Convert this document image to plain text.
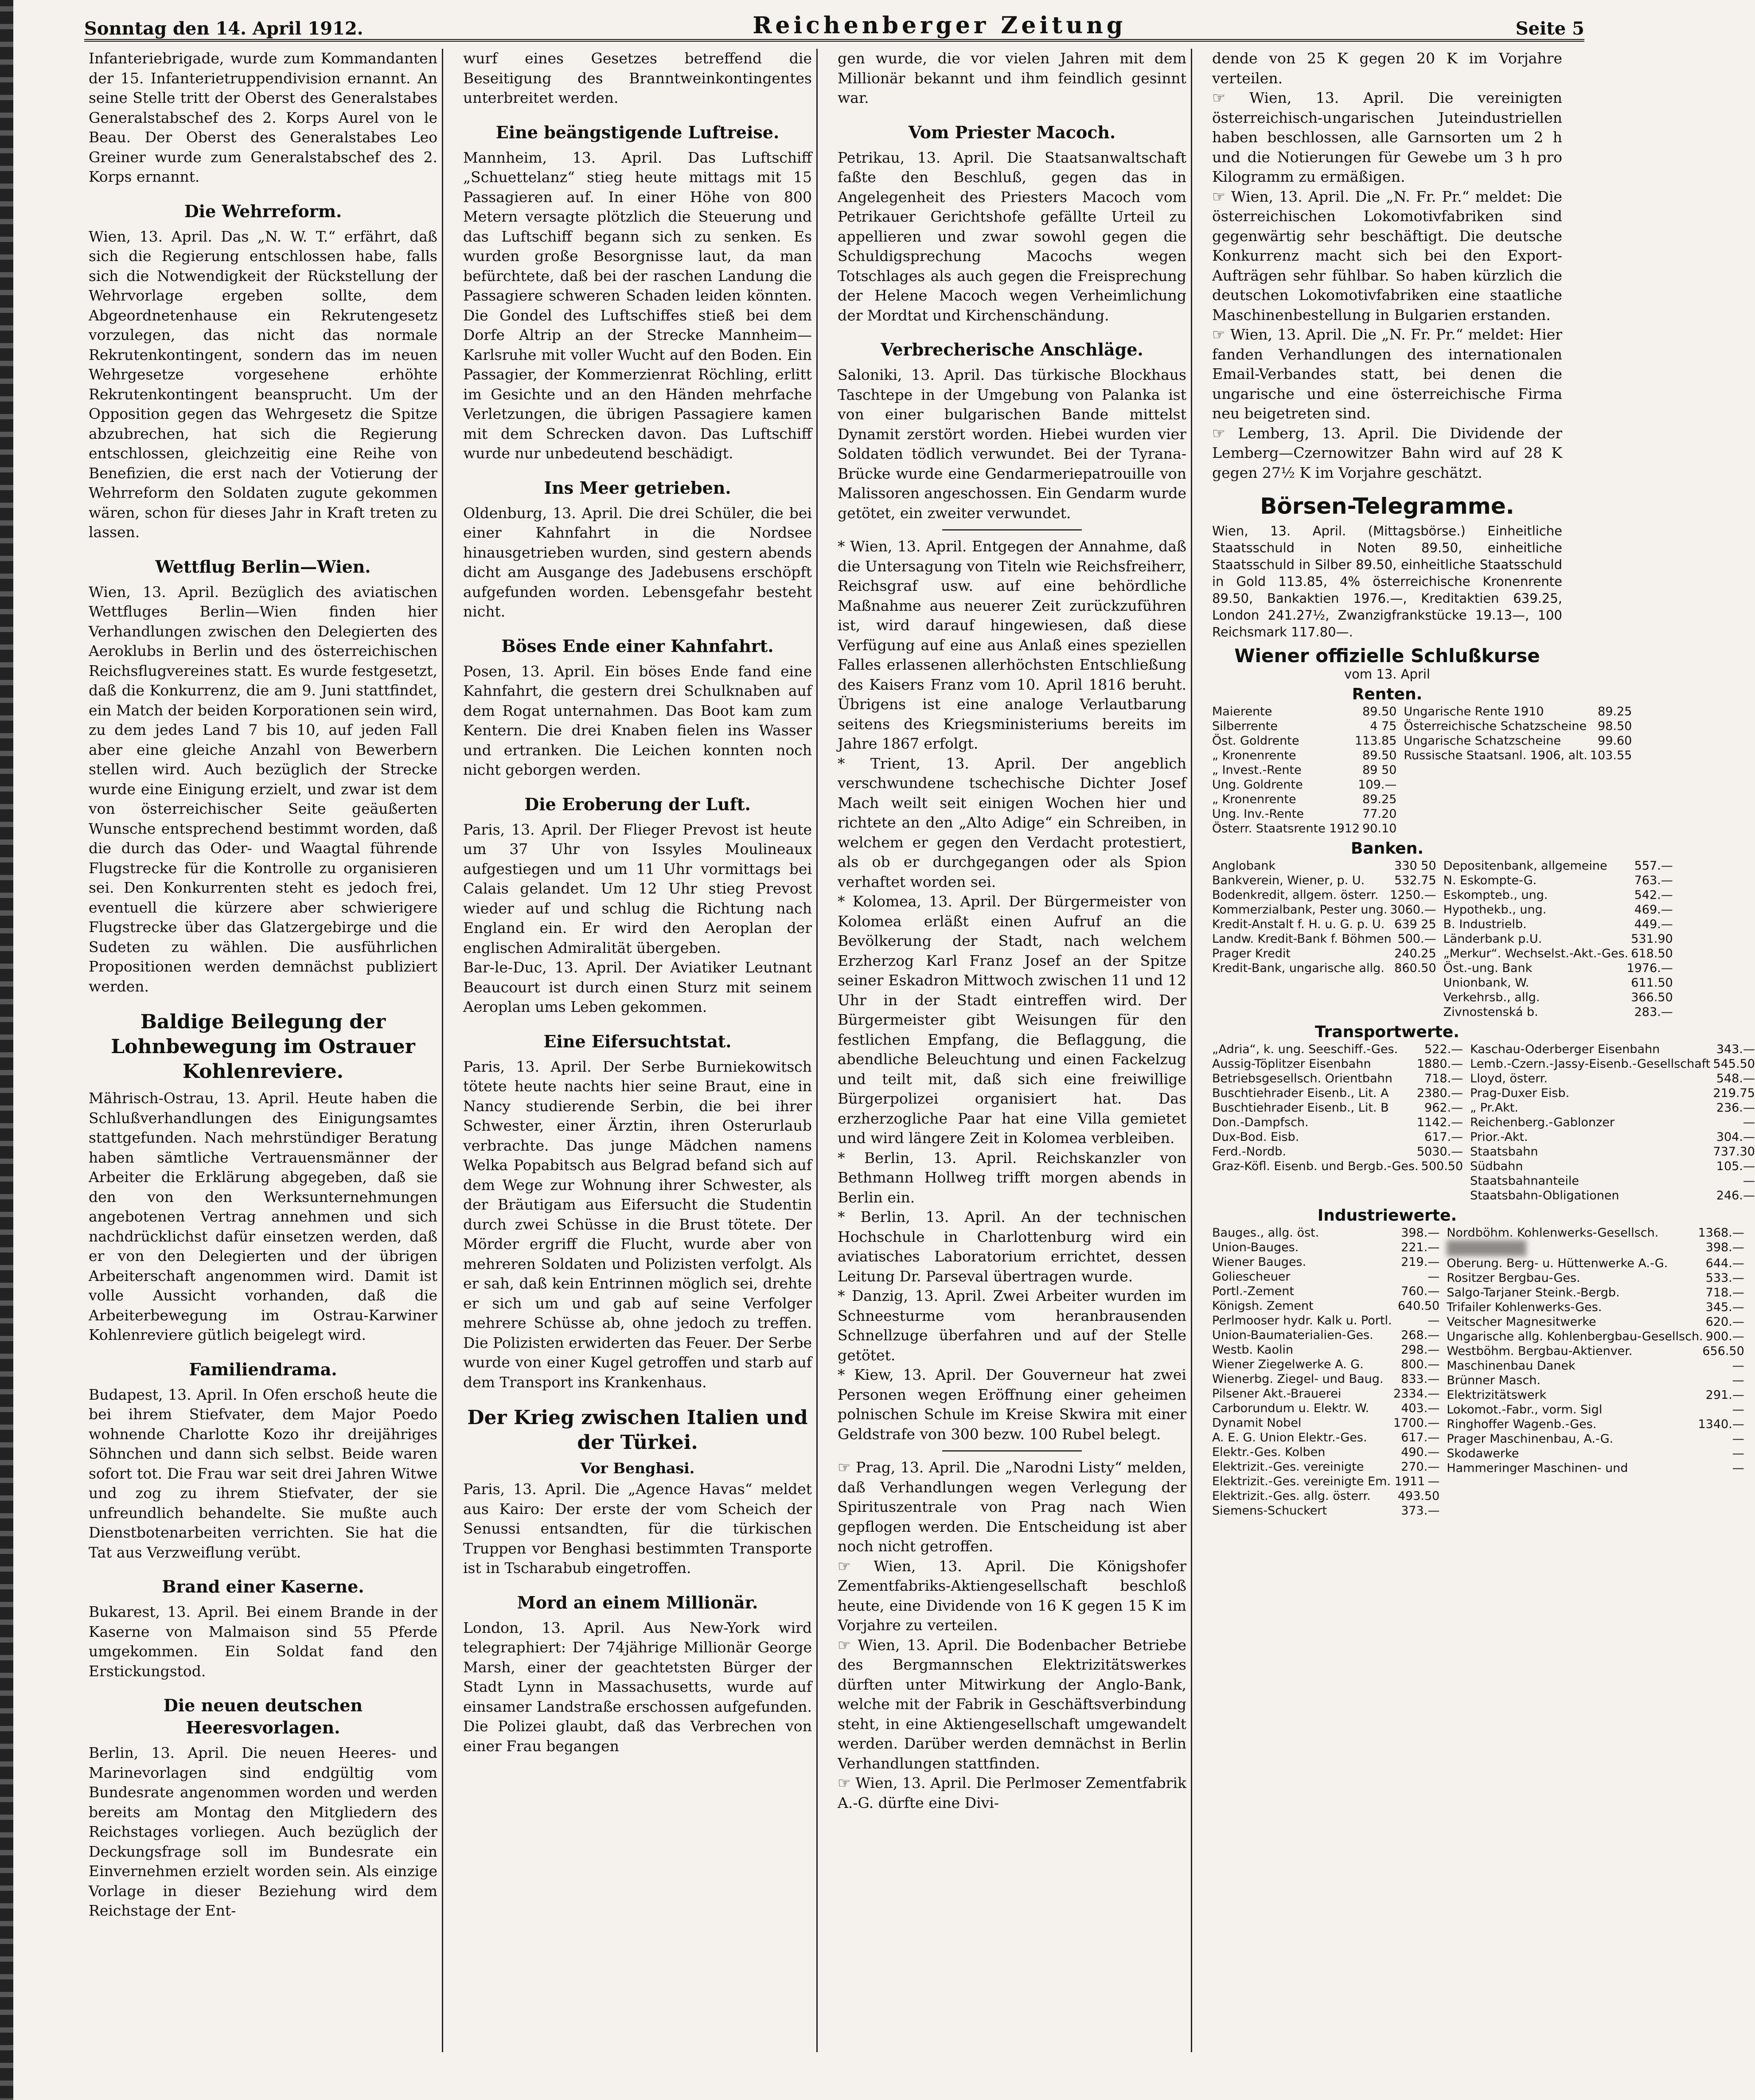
Sonntag den 14. April 1912.	Reichenberger Zeitung	Seite 5

Infanteriebrigade, wurde zum Kommandanten der 15. Infanterietruppendivision ernannt. An seine Stelle tritt der Oberst des Generalstabes Generalstabschef des 2. Korps Aurel von le Beau. Der Oberst des Generalstabes Leo Greiner wurde zum Generalstabschef des 2. Korps ernannt.

Die Wehrreform.

Wien, 13. April. Das „N. W. T.“ erfährt, daß sich die Regierung entschlossen habe, falls sich die Notwendigkeit der Rückstellung der Wehrvorlage ergeben sollte, dem Abgeordnetenhause ein Rekrutengesetz vorzulegen, das nicht das normale Rekrutenkontingent, sondern das im neuen Wehrgesetze vorgesehene erhöhte Rekrutenkontingent beansprucht. Um der Opposition gegen das Wehrgesetz die Spitze abzubrechen, hat sich die Regierung entschlossen, gleichzeitig eine Reihe von Benefizien, die erst nach der Votierung der Wehrreform den Soldaten zugute gekommen wären, schon für dieses Jahr in Kraft treten zu lassen.

Wettflug Berlin—Wien.

Wien, 13. April. Bezüglich des aviatischen Wettfluges Berlin—Wien finden hier Verhandlungen zwischen den Delegierten des Aeroklubs in Berlin und des österreichischen Reichsflugvereines statt. Es wurde festgesetzt, daß die Konkurrenz, die am 9. Juni stattfindet, ein Match der beiden Korporationen sein wird, zu dem jedes Land 7 bis 10, auf jeden Fall aber eine gleiche Anzahl von Bewerbern stellen wird. Auch bezüglich der Strecke wurde eine Einigung erzielt, und zwar ist dem von österreichischer Seite geäußerten Wunsche entsprechend bestimmt worden, daß die durch das Oder- und Waagtal führende Flugstrecke für die Kontrolle zu organisieren sei. Den Konkurrenten steht es jedoch frei, eventuell die kürzere aber schwierigere Flugstrecke über das Glatzergebirge und die Sudeten zu wählen. Die ausführlichen Propositionen werden demnächst publiziert werden.

Baldige Beilegung der Lohnbewegung im Ostrauer Kohlenreviere.

Mährisch-Ostrau, 13. April. Heute haben die Schlußverhandlungen des Einigungsamtes stattgefunden. Nach mehrstündiger Beratung haben sämtliche Vertrauensmänner der Arbeiter die Erklärung abgegeben, daß sie den von den Werksunternehmungen angebotenen Vertrag annehmen und sich nachdrücklichst dafür einsetzen werden, daß er von den Delegierten und der übrigen Arbeiterschaft angenommen wird. Damit ist volle Aussicht vorhanden, daß die Arbeiterbewegung im Ostrau-Karwiner Kohlenreviere gütlich beigelegt wird.

Familiendrama.

Budapest, 13. April. In Ofen erschoß heute die bei ihrem Stiefvater, dem Major Poedo wohnende Charlotte Kozo ihr dreijähriges Söhnchen und dann sich selbst. Beide waren sofort tot. Die Frau war seit drei Jahren Witwe und zog zu ihrem Stiefvater, der sie unfreundlich behandelte. Sie mußte auch Dienstbotenarbeiten verrichten. Sie hat die Tat aus Verzweiflung verübt.

Brand einer Kaserne.

Bukarest, 13. April. Bei einem Brande in der Kaserne von Malmaison sind 55 Pferde umgekommen. Ein Soldat fand den Erstickungstod.

Die neuen deutschen Heeresvorlagen.

Berlin, 13. April. Die neuen Heeres- und Marinevorlagen sind endgültig vom Bundesrate angenommen worden und werden bereits am Montag den Mitgliedern des Reichstages vorliegen. Auch bezüglich der Deckungsfrage soll im Bundesrate ein Einvernehmen erzielt worden sein. Als einzige Vorlage in dieser Beziehung wird dem Reichstage der Ent-

wurf eines Gesetzes betreffend die Beseitigung des Branntweinkontingentes unterbreitet werden.

Eine beängstigende Luftreise.

Mannheim, 13. April. Das Luftschiff „Schuettelanz“ stieg heute mittags mit 15 Passagieren auf. In einer Höhe von 800 Metern versagte plötzlich die Steuerung und das Luftschiff begann sich zu senken. Es wurden große Besorgnisse laut, da man befürchtete, daß bei der raschen Landung die Passagiere schweren Schaden leiden könnten. Die Gondel des Luftschiffes stieß bei dem Dorfe Altrip an der Strecke Mannheim—Karlsruhe mit voller Wucht auf den Boden. Ein Passagier, der Kommerzienrat Röchling, erlitt im Gesichte und an den Händen mehrfache Verletzungen, die übrigen Passagiere kamen mit dem Schrecken davon. Das Luftschiff wurde nur unbedeutend beschädigt.

Ins Meer getrieben.

Oldenburg, 13. April. Die drei Schüler, die bei einer Kahnfahrt in die Nordsee hinausgetrieben wurden, sind gestern abends dicht am Ausgange des Jadebusens erschöpft aufgefunden worden. Lebensgefahr besteht nicht.

Böses Ende einer Kahnfahrt.

Posen, 13. April. Ein böses Ende fand eine Kahnfahrt, die gestern drei Schulknaben auf dem Rogat unternahmen. Das Boot kam zum Kentern. Die drei Knaben fielen ins Wasser und ertranken. Die Leichen konnten noch nicht geborgen werden.

Die Eroberung der Luft.

Paris, 13. April. Der Flieger Prevost ist heute um 37 Uhr von Issyles Moulineaux aufgestiegen und um 11 Uhr vormittags bei Calais gelandet. Um 12 Uhr stieg Prevost wieder auf und schlug die Richtung nach England ein. Er wird den Aeroplan der englischen Admiralität übergeben.

Bar-le-Duc, 13. April. Der Aviatiker Leutnant Beaucourt ist durch einen Sturz mit seinem Aeroplan ums Leben gekommen.

Eine Eifersuchtstat.

Paris, 13. April. Der Serbe Burniekowitsch tötete heute nachts hier seine Braut, eine in Nancy studierende Serbin, die bei ihrer Schwester, einer Ärztin, ihren Osterurlaub verbrachte. Das junge Mädchen namens Welka Popabitsch aus Belgrad befand sich auf dem Wege zur Wohnung ihrer Schwester, als der Bräutigam aus Eifersucht die Studentin durch zwei Schüsse in die Brust tötete. Der Mörder ergriff die Flucht, wurde aber von mehreren Soldaten und Polizisten verfolgt. Als er sah, daß kein Entrinnen möglich sei, drehte er sich um und gab auf seine Verfolger mehrere Schüsse ab, ohne jedoch zu treffen. Die Polizisten erwiderten das Feuer. Der Serbe wurde von einer Kugel getroffen und starb auf dem Transport ins Krankenhaus.

Der Krieg zwischen Italien und der Türkei.
Vor Benghasi.

Paris, 13. April. Die „Agence Havas“ meldet aus Kairo: Der erste der vom Scheich der Senussi entsandten, für die türkischen Truppen vor Benghasi bestimmten Transporte ist in Tscharabub eingetroffen.

Mord an einem Millionär.

London, 13. April. Aus New-York wird telegraphiert: Der 74jährige Millionär George Marsh, einer der geachtetsten Bürger der Stadt Lynn in Massachusetts, wurde auf einsamer Landstraße erschossen aufgefunden. Die Polizei glaubt, daß das Verbrechen von einer Frau begangen

gen wurde, die vor vielen Jahren mit dem Millionär bekannt und ihm feindlich gesinnt war.

Vom Priester Macoch.

Petrikau, 13. April. Die Staatsanwaltschaft faßte den Beschluß, gegen das in Angelegenheit des Priesters Macoch vom Petrikauer Gerichtshofe gefällte Urteil zu appellieren und zwar sowohl gegen die Schuldigsprechung Macochs wegen Totschlages als auch gegen die Freisprechung der Helene Macoch wegen Verheimlichung der Mordtat und Kirchenschändung.

Verbrecherische Anschläge.

Saloniki, 13. April. Das türkische Blockhaus Taschtepe in der Umgebung von Palanka ist von einer bulgarischen Bande mittelst Dynamit zerstört worden. Hiebei wurden vier Soldaten tödlich verwundet. Bei der Tyrana-Brücke wurde eine Gendarmeriepatrouille von Malissoren angeschossen. Ein Gendarm wurde getötet, ein zweiter verwundet.

* Wien, 13. April. Entgegen der Annahme, daß die Untersagung von Titeln wie Reichsfreiherr, Reichsgraf usw. auf eine behördliche Maßnahme aus neuerer Zeit zurückzuführen ist, wird darauf hingewiesen, daß diese Verfügung auf eine aus Anlaß eines speziellen Falles erlassenen allerhöchsten Entschließung des Kaisers Franz vom 10. April 1816 beruht. Übrigens ist eine analoge Verlautbarung seitens des Kriegsministeriums bereits im Jahre 1867 erfolgt.

* Trient, 13. April. Der angeblich verschwundene tschechische Dichter Josef Mach weilt seit einigen Wochen hier und richtete an den „Alto Adige“ ein Schreiben, in welchem er gegen den Verdacht protestiert, als ob er durchgegangen oder als Spion verhaftet worden sei.

* Kolomea, 13. April. Der Bürgermeister von Kolomea erläßt einen Aufruf an die Bevölkerung der Stadt, nach welchem Erzherzog Karl Franz Josef an der Spitze seiner Eskadron Mittwoch zwischen 11 und 12 Uhr in der Stadt eintreffen wird. Der Bürgermeister gibt Weisungen für den festlichen Empfang, die Beflaggung, die abendliche Beleuchtung und einen Fackelzug und teilt mit, daß sich eine freiwillige Bürgerpolizei organisiert hat. Das erzherzogliche Paar hat eine Villa gemietet und wird längere Zeit in Kolomea verbleiben.

* Berlin, 13. April. Reichskanzler von Bethmann Hollweg trifft morgen abends in Berlin ein.

* Berlin, 13. April. An der technischen Hochschule in Charlottenburg wird ein aviatisches Laboratorium errichtet, dessen Leitung Dr. Parseval übertragen wurde.

* Danzig, 13. April. Zwei Arbeiter wurden im Schneesturme vom heranbrausenden Schnellzuge überfahren und auf der Stelle getötet.

* Kiew, 13. April. Der Gouverneur hat zwei Personen wegen Eröffnung einer geheimen polnischen Schule im Kreise Skwira mit einer Geldstrafe von 300 bezw. 100 Rubel belegt.

☞ Prag, 13. April. Die „Narodni Listy“ melden, daß Verhandlungen wegen Verlegung der Spirituszentrale von Prag nach Wien gepflogen werden. Die Entscheidung ist aber noch nicht getroffen.

☞ Wien, 13. April. Die Königshofer Zementfabriks-Aktiengesellschaft beschloß heute, eine Dividende von 16 K gegen 15 K im Vorjahre zu verteilen.

☞ Wien, 13. April. Die Bodenbacher Betriebe des Bergmannschen Elektrizitätswerkes dürften unter Mitwirkung der Anglo-Bank, welche mit der Fabrik in Geschäftsverbindung steht, in eine Aktiengesellschaft umgewandelt werden. Darüber werden demnächst in Berlin Verhandlungen stattfinden.

☞ Wien, 13. April. Die Perlmoser Zementfabrik A.-G. dürfte eine Divi-

dende von 25 K gegen 20 K im Vorjahre verteilen.

☞ Wien, 13. April. Die vereinigten österreichisch-ungarischen Juteindustriellen haben beschlossen, alle Garnsorten um 2 h und die Notierungen für Gewebe um 3 h pro Kilogramm zu ermäßigen.

☞ Wien, 13. April. Die „N. Fr. Pr.“ meldet: Die österreichischen Lokomotivfabriken sind gegenwärtig sehr beschäftigt. Die deutsche Konkurrenz macht sich bei den Export-Aufträgen sehr fühlbar. So haben kürzlich die deutschen Lokomotivfabriken eine staatliche Maschinenbestellung in Bulgarien erstanden.

☞ Wien, 13. April. Die „N. Fr. Pr.“ meldet: Hier fanden Verhandlungen des internationalen Email-Verbandes statt, bei denen die ungarische und eine österreichische Firma neu beigetreten sind.

☞ Lemberg, 13. April. Die Dividende der Lemberg—Czernowitzer Bahn wird auf 28 K gegen 27½ K im Vorjahre geschätzt.

Börsen-Telegramme.

Wien, 13. April. (Mittagsbörse.) Einheitliche Staatsschuld in Noten 89.50, einheitliche Staatsschuld in Silber 89.50, einheitliche Staatsschuld in Gold 113.85, 4% österreichische Kronenrente 89.50, Bankaktien 1976.—, Kreditaktien 639.25, London 241.27½, Zwanzigfrankstücke 19.13—, 100 Reichsmark 117.80—.

Wiener offizielle Schlußkurse
vom 13. April
Renten.
Maierente	89.50
Silberrente	4 75
Öst. Goldrente	113.85
„ Kronenrente	89.50
„ Invest.-Rente	89 50
Ung. Goldrente	109.—
„ Kronenrente	89.25
Ung. Inv.-Rente	77.20
Österr. Staatsrente 1912 90.10
Ungarische Rente 1910	89.25
Österreichische Schatzscheine 98.50
Ungarische Schatzscheine	99.60
Russische Staatsanl. 1906, alt. 103.55
Banken.
Anglobank	330 50
Bankverein, Wiener, p. U. 532.75
Bodenkredit, allgem. österr. 1250.—
Kommerzialbank, Pester ung. 3060.—
Kredit-Anstalt f. H. u. G. p. U. 639 25
Landw. Kredit-Bank f. Böhmen 500.—
Prager Kredit	240.25
Kredit-Bank, ungarische allg. 860.50
Depositenbank, allgemeine 557.—
N. Eskompte-G.	763.—
Eskompteb., ung.	542.—
Hypothekb., ung.	469.—
B. Industrielb.	449.—
Länderbank p.U.	531.90
„Merkur“. Wechselst.-Akt.-Ges. 618.50
Öst.-ung. Bank	1976.—
Unionbank, W.	611.50
Verkehrsb., allg.	366.50
Zivnostenská b.	283.—
Transportwerte.
„Adria“, k. ung. Seeschiff.-Ges. 522.—
Aussig-Töplitzer Eisenbahn	1880.—
Betriebsgesellsch. Orientbahn	718.—
Buschtiehrader Eisenb., Lit. A 2380.—
Buschtiehrader Eisenb., Lit. B	962.—
Don.-Dampfsch.	1142.—
Dux-Bod. Eisb.	617.—
Ferd.-Nordb.	5030.—
Graz-Köfl. Eisenb. und Bergb.-Ges. 500.50
Kaschau-Oderberger Eisenbahn	343.—
Lemb.-Czern.-Jassy-Eisenb.-Gesellschaft 545.50
Lloyd, österr.	548.—
Prag-Duxer Eisb.	219.75
„ Pr.Akt.	236.—
Reichenberg.-Gablonzer	—
Prior.-Akt.	304.—
Staatsbahn	737.30
Südbahn	105.—
Staatsbahnanteile	—
Staatsbahn-Obligationen	246.—
Industriewerte.
Bauges., allg. öst.	398.—
Union-Bauges.	221.—
Wiener Bauges.	219.—
Goliescheuer	—
Portl.-Zement	760.—
Königsh. Zement	640.50
Perlmooser hydr. Kalk u. Portl.	—
Union-Baumaterialien-Ges. 268.—
Westb. Kaolin	298.—
Wiener Ziegelwerke A. G.	800.—
Wienerbg. Ziegel- und Baug. 833.—
Pilsener Akt.-Brauerei	2334.—
Carborundum u. Elektr. W.	403.—
Dynamit Nobel	1700.—
A. E. G. Union Elektr.-Ges.	617.—
Elektr.-Ges. Kolben	490.—
Elektrizit.-Ges. vereinigte	270.—
Elektrizit.-Ges. vereinigte Em. 1911 —
Elektrizit.-Ges. allg. österr. 493.50
Siemens-Schuckert	373.—
Nordböhm. Kohlenwerks-Gesellsch.	1368.—
398.—
Oberung. Berg- u. Hüttenwerke A.-G.	644.—
Rositzer Bergbau-Ges.	533.—
Salgo-Tarjaner Steink.-Bergb.	718.—
Trifailer Kohlenwerks-Ges.	345.—
Veitscher Magnesitwerke	620.—
Ungarische allg. Kohlenbergbau-Gesellsch. 900.—
Westböhm. Bergbau-Aktienver.	656.50
Maschinenbau Danek	—
Brünner Masch.	—
Elektrizitätswerk	291.—
Lokomot.-Fabr., vorm. Sigl	—
Ringhoffer Wagenb.-Ges.	1340.—
Prager Maschinenbau, A.-G.	—
Skodawerke	—
Hammeringer Maschinen- und	—
